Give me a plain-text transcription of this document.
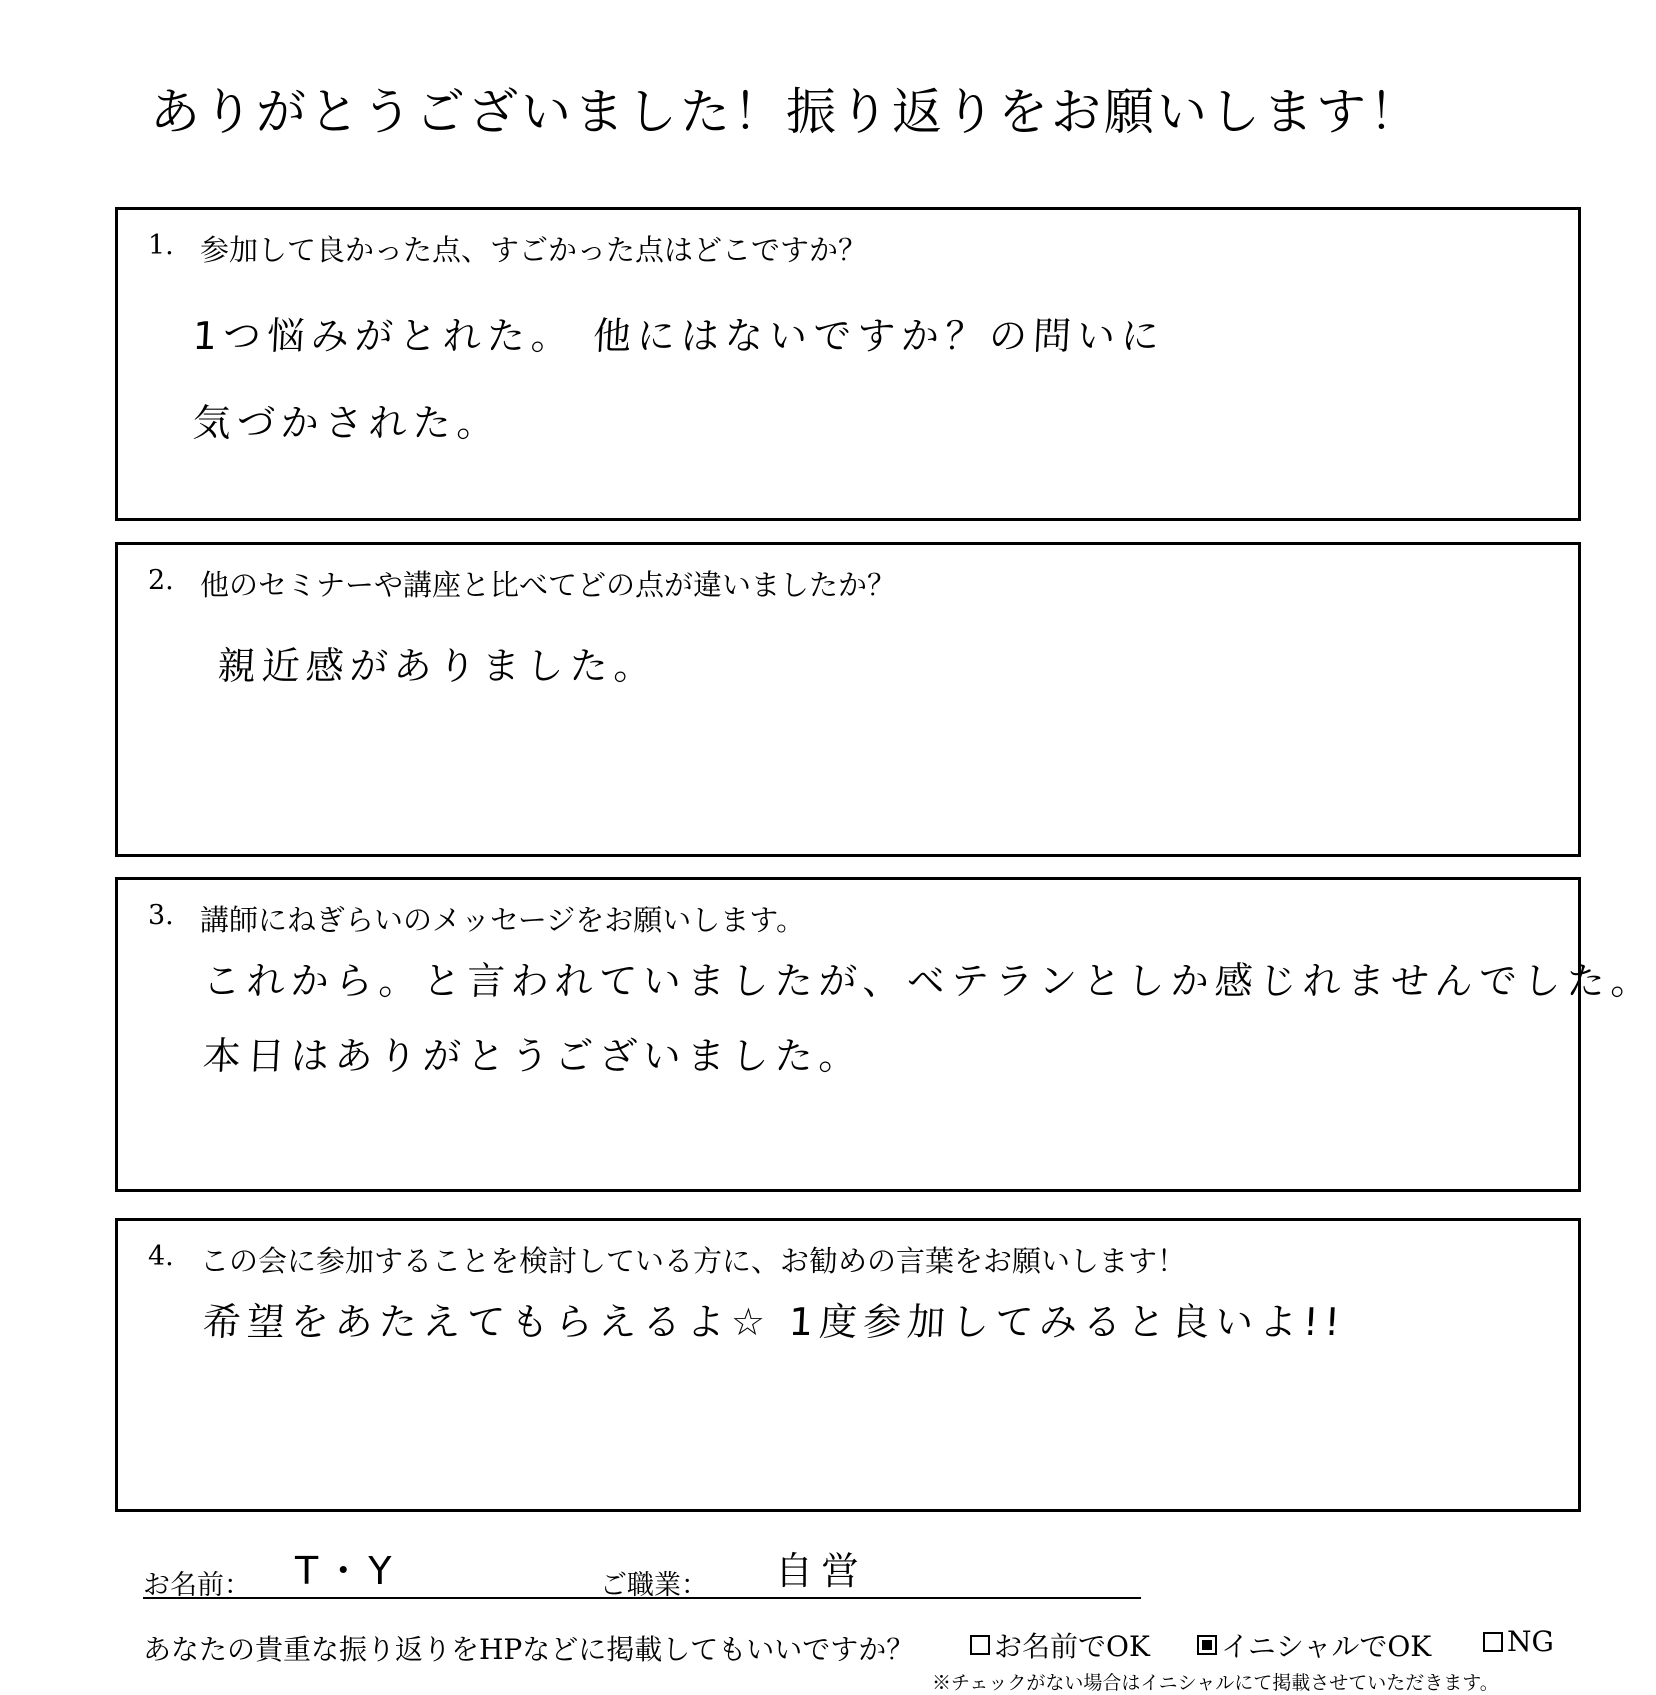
ありがとうございました！振り返りをお願いします！
1. 参加して良かった点、すごかった点はどこですか？
1つ悩みがとれた。 他にはないですか？の問いに
気づかされた。
2. 他のセミナーや講座と比べてどの点が違いましたか？
親近感がありました。
3. 講師にねぎらいのメッセージをお願いします。
これから。と言われていましたが、ベテランとしか感じれませんでした。
本日はありがとうございました。
4. この会に参加することを検討している方に、お勧めの言葉をお願いします！
希望をあたえてもらえるよ☆ 1度参加してみると良いよ!!
お名前： T・Y	ご職業： 自営
あなたの貴重な振り返りをHPなどに掲載してもいいですか？	お名前でOK	イニシャルでOK	NG
※チェックがない場合はイニシャルにて掲載させていただきます。
